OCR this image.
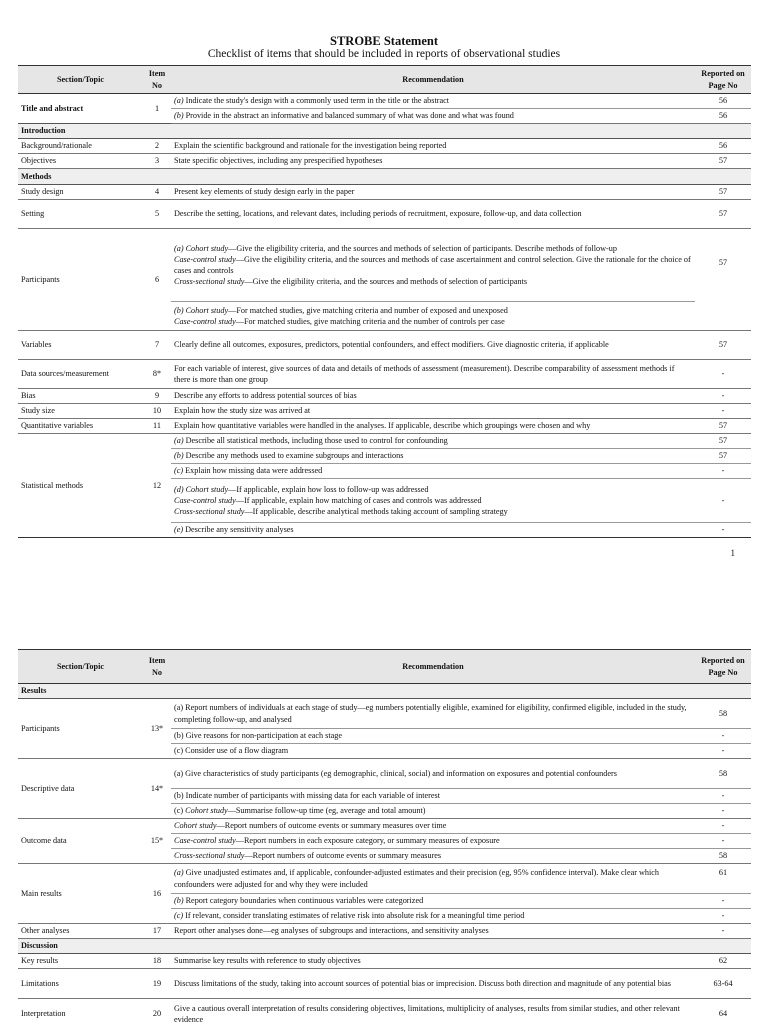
STROBE Statement
Checklist of items that should be included in reports of observational studies
Section/Topic	Item No	Recommendation	Reported on Page No
Title and abstract	1	(a) Indicate the study's design with a commonly used term in the title or the abstract	56
		(b) Provide in the abstract an informative and balanced summary of what was done and what was found	56
Introduction			
Background/rationale	2	Explain the scientific background and rationale for the investigation being reported	56
Objectives	3	State specific objectives, including any prespecified hypotheses	57
Methods			
Study design	4	Present key elements of study design early in the paper	57
Setting	5	Describe the setting, locations, and relevant dates, including periods of recruitment, exposure, follow-up, and data collection	57
Participants	6	(a) Cohort study—Give the eligibility criteria, and the sources and methods of selection of participants. Describe methods of follow-up
Case-control study—Give the eligibility criteria, and the sources and methods of case ascertainment and control selection. Give the rationale for the choice of cases and controls
Cross-sectional study—Give the eligibility criteria, and the sources and methods of selection of participants	57

		(b) Cohort study—For matched studies, give matching criteria and number of exposed and unexposed
Case-control study—For matched studies, give matching criteria and the number of controls per case	

Variables	7	Clearly define all outcomes, exposures, predictors, potential confounders, and effect modifiers. Give diagnostic criteria, if applicable	57
Data sources/measurement	8*	For each variable of interest, give sources of data and details of methods of assessment (measurement). Describe comparability of assessment methods if there is more than one group	-
Bias	9	Describe any efforts to address potential sources of bias	-
Study size	10	Explain how the study size was arrived at	-
Quantitative variables	11	Explain how quantitative variables were handled in the analyses. If applicable, describe which groupings were chosen and why	57
Statistical methods	12	(a) Describe all statistical methods, including those used to control for confounding	57
		(b) Describe any methods used to examine subgroups and interactions	57
		(c) Explain how missing data were addressed	-

		(d) Cohort study—If applicable, explain how loss to follow-up was addressed
Case-control study—If applicable, explain how matching of cases and controls was addressed
Cross-sectional study—If applicable, describe analytical methods taking account of sampling strategy	-
		(e) Describe any sensitivity analyses	-
1
Section/Topic	Item No	Recommendation	Reported on Page No
Results			
Participants	13*	(a) Report numbers of individuals at each stage of study—eg numbers potentially eligible, examined for eligibility, confirmed eligible, included in the study, completing follow-up, and analysed	58
		(b) Give reasons for non-participation at each stage	-
		(c) Consider use of a flow diagram	-
Descriptive data	14*	(a) Give characteristics of study participants (eg demographic, clinical, social) and information on exposures and potential confounders	58
		(b) Indicate number of participants with missing data for each variable of interest	-
		(c) Cohort study—Summarise follow-up time (eg, average and total amount)	-
Outcome data	15*	Cohort study—Report numbers of outcome events or summary measures over time	-
		Case-control study—Report numbers in each exposure category, or summary measures of exposure	-
		Cross-sectional study—Report numbers of outcome events or summary measures	58
Main results	16	(a) Give unadjusted estimates and, if applicable, confounder-adjusted estimates and their precision (eg, 95% confidence interval). Make clear which confounders were adjusted for and why they were included	61
		(b) Report category boundaries when continuous variables were categorized	-
		(c) If relevant, consider translating estimates of relative risk into absolute risk for a meaningful time period	-
Other analyses	17	Report other analyses done—eg analyses of subgroups and interactions, and sensitivity analyses	-
Discussion			
Key results	18	Summarise key results with reference to study objectives	62
Limitations	19	Discuss limitations of the study, taking into account sources of potential bias or imprecision. Discuss both direction and magnitude of any potential bias	63-64
Interpretation	20	Give a cautious overall interpretation of results considering objectives, limitations, multiplicity of analyses, results from similar studies, and other relevant evidence	64
